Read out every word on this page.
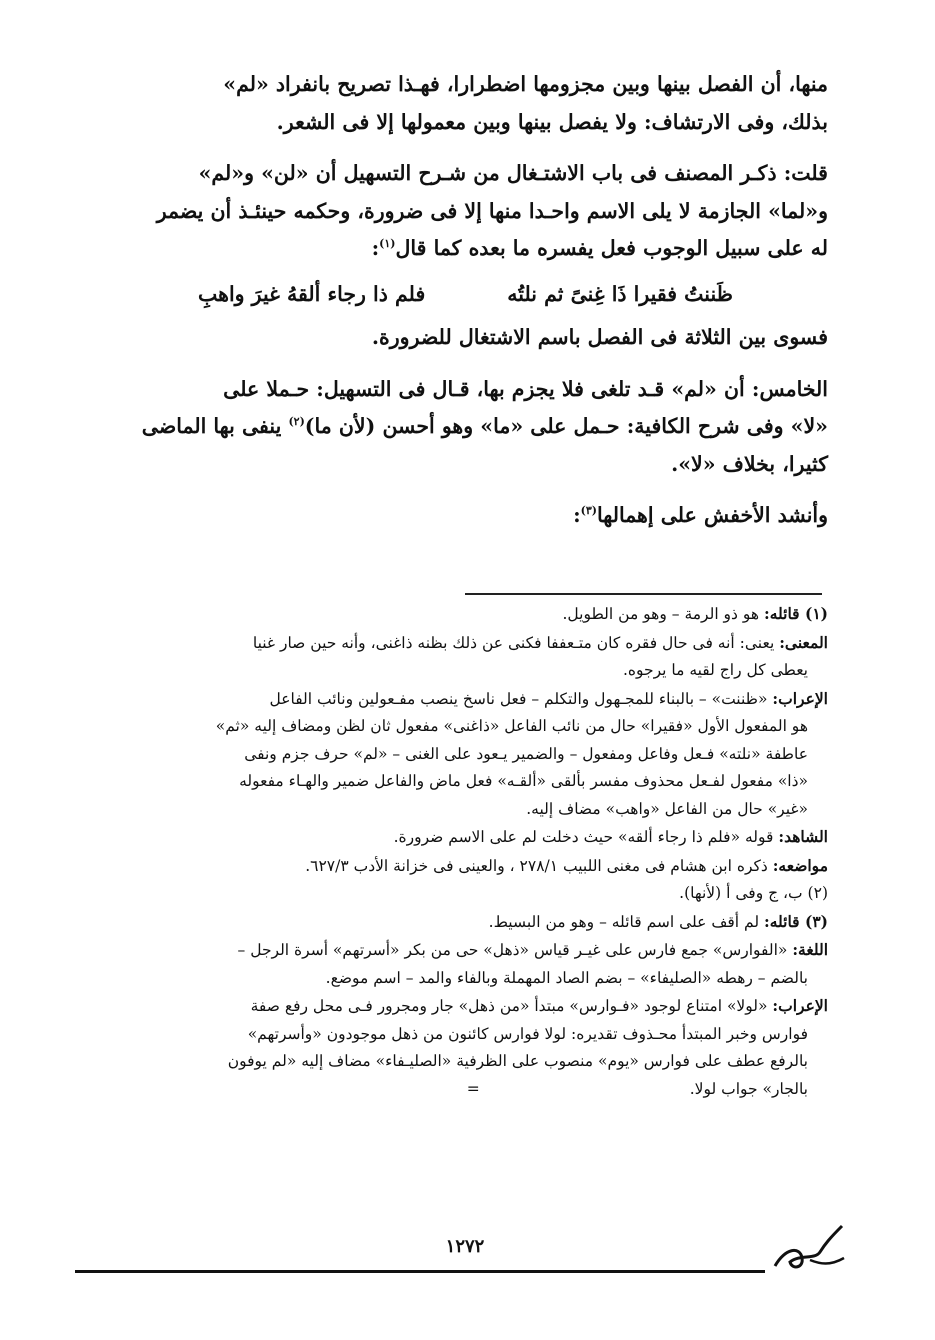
منها، أن الفصل بينها وبين مجزومها اضطرارا، فهـذا تصريح بانفراد «لم»
بذلك، وفى الارتشاف: ولا يفصل بينها وبين معمولها إلا فى الشعر.

قلت: ذكـر المصنف فى باب الاشتـغال من شـرح التسهيل أن «لن» و«لم»
و«لما» الجازمة لا يلى الاسم واحـدا منها إلا فى ضرورة، وحكمه حينئـذ أن يضمر
له على سبيل الوجوب فعل يفسره ما بعده كما قال$^{(١)}$:

ظَننتُ فقيرا ذَا غِنىً ثم نلتُه
فلم ذا رجاء ألقهُ غيرَ واهبِ

فسوى بين الثلاثة فى الفصل باسم الاشتغال للضرورة.

الخامس: أن «لم» قـد تلغى فلا يجزم بها، قـال فى التسهيل: حـملا على
«لا» وفى شرح الكافية: حـمل على «ما» وهو أحسن (لأن ما)$^{(٢)}$ ينفى بها الماضى
كثيرا، بخلاف «لا».

وأنشد الأخفش على إهمالها$^{(٣)}$:

(١) قائله: هو ذو الرمة – وهو من الطويل.

المعنى: يعنى: أنه فى حال فقره كان متـعففا فكنى عن ذلك بظنه ذاغنى، وأنه حين صار غنيا

يعطى كل راج لقيه ما يرجوه.

الإعراب: «ظننت» – بالبناء للمجـهول والتكلم – فعل ناسخ ينصب مفـعولين ونائب الفاعل

هو المفعول الأول «فقيرا» حال من نائب الفاعل «ذاغنى» مفعول ثان لظن ومضاف إليه «ثم»

عاطفة «نلته» فـعل وفاعل ومفعول – والضمير يـعود على الغنى – «لم» حرف جزم ونفى

«ذا» مفعول لفـعل محذوف مفسر بألقى «ألقـه» فعل ماض والفاعل ضمير والهـاء مفعوله

«غير» حال من الفاعل «واهب» مضاف إليه.

الشاهد: قوله «فلم ذا رجاء ألقه» حيث دخلت لم على الاسم ضرورة.

مواضعه: ذكره ابن هشام فى مغنى اللبيب ٢٧٨/١ ، والعينى فى خزانة الأدب ٦٢٧/٣.

(٢) ب، ج وفى أ (لأنها).

(٣) قائله: لم أقف على اسم قائله – وهو من البسيط.

اللغة: «الفوارس» جمع فارس على غيـر قياس «ذهل» حى من بكر «أسرتهم» أسرة الرجل –

بالضم – رهطه «الصليفاء» – بضم الصاد المهملة وبالفاء والمد – اسم موضع.

الإعراب: «لولا» امتناع لوجود «فـوارس» مبتدأ «من ذهل» جار ومجرور فـى محل رفع صفة

فوارس وخبر المبتدأ محـذوف تقديره: لولا فوارس كائنون من ذهل موجودون «وأسرتهم»

بالرفع عطف على فوارس «يوم» منصوب على الظرفية «الصليـفاء» مضاف إليه «لم يوفون

بالجار» جواب لولا.=

١٢٧٢
